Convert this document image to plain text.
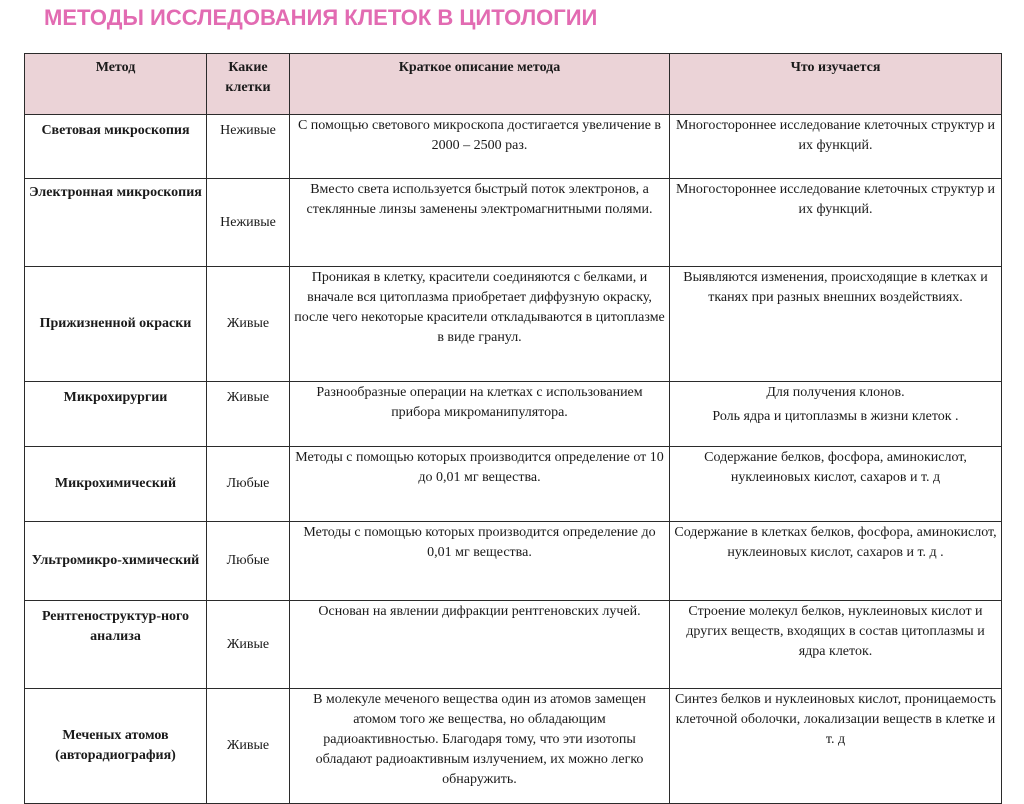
МЕТОДЫ ИССЛЕДОВАНИЯ КЛЕТОК В ЦИТОЛОГИИ
Метод	Какие клетки	Краткое описание метода	Что изучается
Световая микроскопия	Неживые	С помощью светового микроскопа достигается увеличение в 2000 – 2500 раз.	Многостороннее исследование клеточных структур и их функций.
Электронная микроскопия	Неживые	Вместо света используется быстрый поток электронов, а стеклянные линзы заменены электромагнитными полями.	Многостороннее исследование клеточных структур и их функций.
Прижизненной окраски	Живые	Проникая в клетку, красители соединяются с белками, и вначале вся цитоплазма приобретает диффузную окраску, после чего некоторые красители откладываются в цитоплазме в виде гранул.	Выявляются изменения, происходящие в клетках и тканях при разных внешних воздействиях.
Микрохирургии	Живые	Разнообразные операции на клетках с использованием прибора микроманипулятора.	Для получения клонов.
Роль ядра и цитоплазмы в жизни клеток .

Микрохимический	Любые	Методы с помощью которых производится определение от 10 до 0,01 мг вещества.	Содержание белков, фосфора, аминокислот, нуклеиновых кислот, сахаров и т. д
Ультромикро-химический	Любые	Методы с помощью которых производится определение до 0,01 мг вещества.	Содержание в клетках белков, фосфора, аминокислот, нуклеиновых кислот, сахаров и т. д .
Рентгеноструктур-ного анализа	Живые	Основан на явлении дифракции рентгеновских лучей.	Строение молекул белков, нуклеиновых кислот и других веществ, входящих в состав цитоплазмы и ядра клеток.
Меченых атомов (авторадиография)	Живые	В молекуле меченого вещества один из атомов замещен атомом того же вещества, но обладающим радиоактивностью. Благодаря тому, что эти изотопы обладают радиоактивным излучением, их можно легко обнаружить.	Синтез белков и нуклеиновых кислот, проницаемость клеточной оболочки, локализации веществ в клетке и т. д
